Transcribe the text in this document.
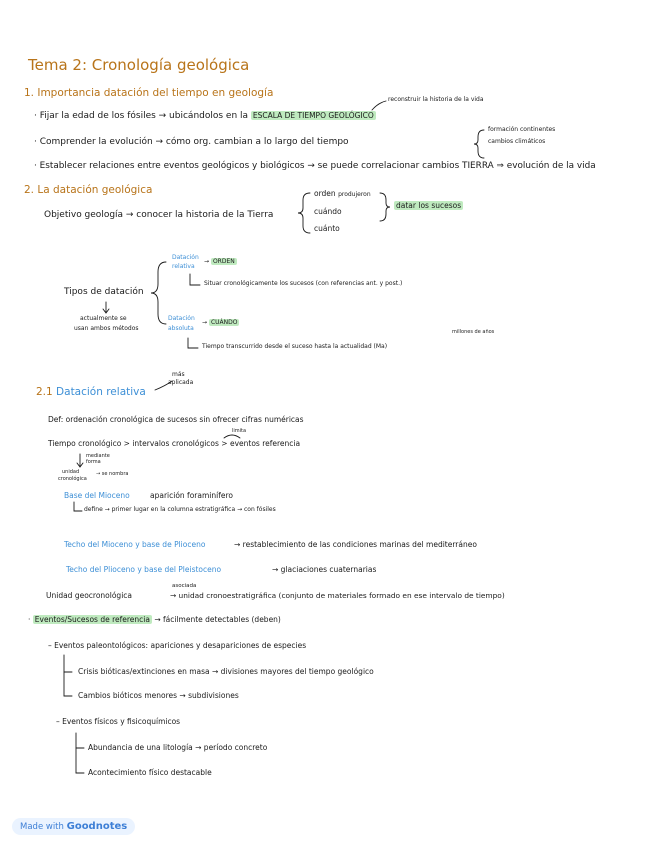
Tema 2: Cronología geológica
1. Importancia datación del tiempo en geología
reconstruir la historia de la vida
· Fijar la edad de los fósiles → ubicándolos en la ESCALA DE TIEMPO GEOLÓGICO
· Comprender la evolución → cómo org. cambian a lo largo del tiempo
formación continentes
cambios climáticos
· Establecer relaciones entre eventos geológicos y biológicos → se puede correlacionar cambios TIERRA ⇒ evolución de la vida
2. La datación geológica
Objetivo geología → conocer la historia de la Tierra
orden produjeron
cuándo
cuánto
datar los sucesos
Tipos de datación
actualmente se
usan ambos métodos
Datación
relativa
→ ORDEN
Situar cronológicamente los sucesos (con referencias ant. y post.)
Datación
absoluta
→ CUÁNDO
Tiempo transcurrido desde el suceso hasta la actualidad (Ma)
millones de años
2.1 Datación relativa
más
aplicada
Def: ordenación cronológica de sucesos sin ofrecer cifras numéricas
limita
Tiempo cronológico > intervalos cronológicos > eventos referencia
mediante
forma
unidad
cronológica
→ se nombra
Base del Mioceno	aparición foraminífero
define → primer lugar en la columna estratigráfica → con fósiles
Techo del Mioceno y base de Plioceno	→ restablecimiento de las condiciones marinas del mediterráneo
Techo del Plioceno y base del Pleistoceno	→ glaciaciones cuaternarias
asociada
Unidad geocronológica	→ unidad cronoestratigráfica (conjunto de materiales formado en ese intervalo de tiempo)
· Eventos/Sucesos de referencia → fácilmente detectables (deben)
– Eventos paleontológicos: apariciones y desapariciones de especies
Crisis bióticas/extinciones en masa → divisiones mayores del tiempo geológico
Cambios bióticos menores → subdivisiones
– Eventos físicos y fisicoquímicos
Abundancia de una litología → período concreto
Acontecimiento físico destacable
Made with Goodnotes
